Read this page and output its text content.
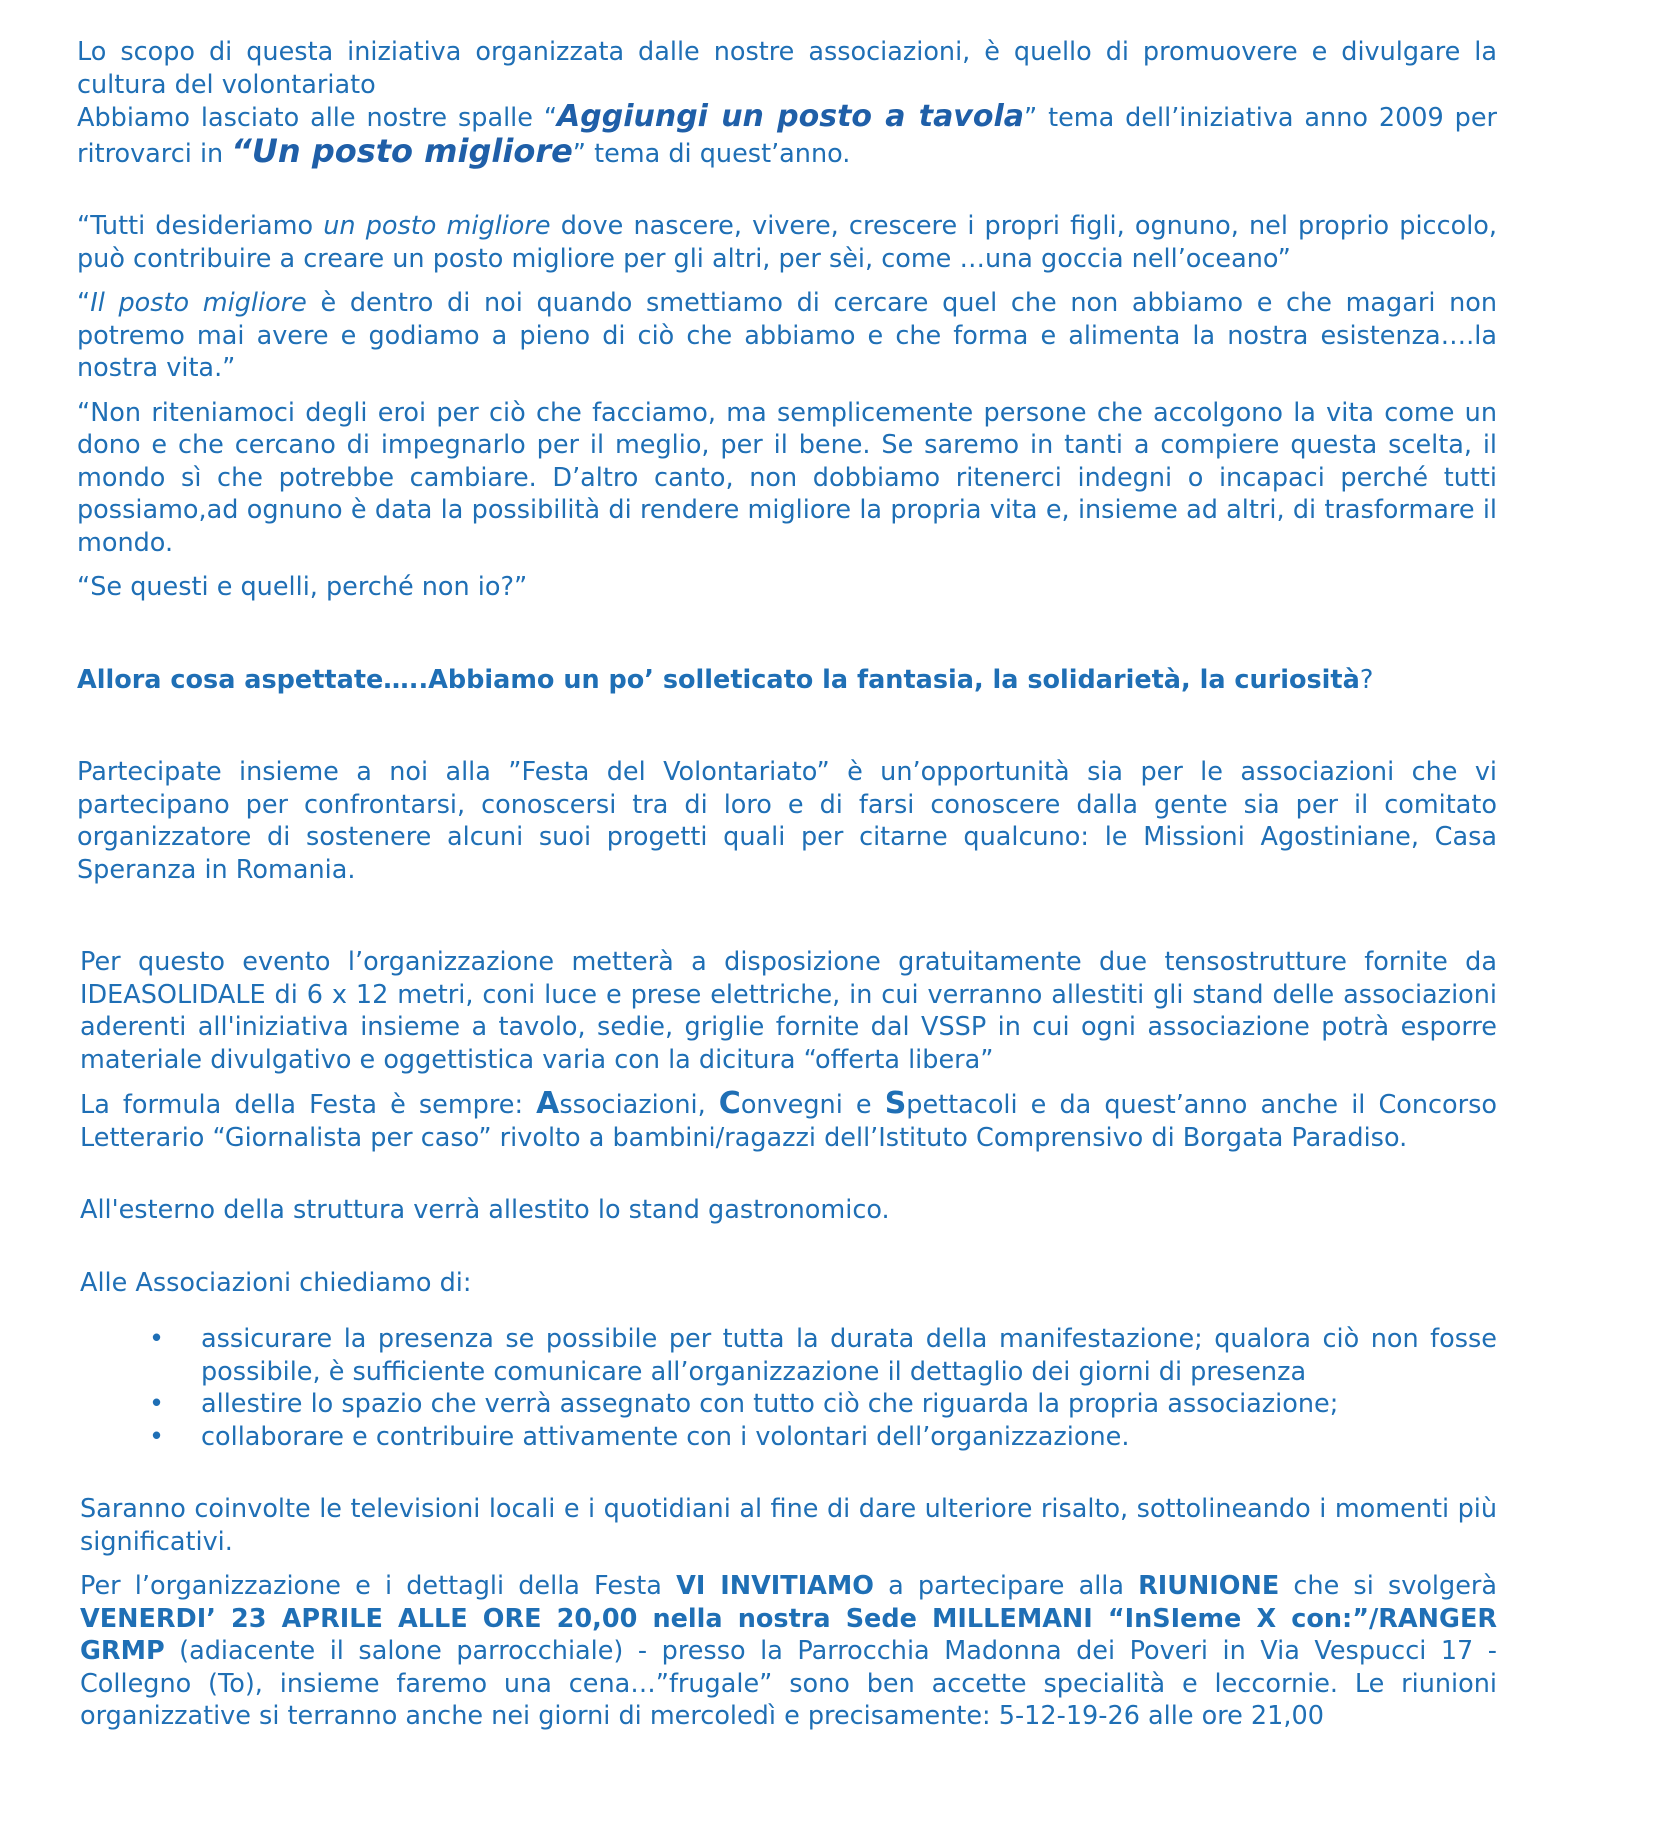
Lo scopo di questa iniziativa organizzata dalle nostre associazioni, è quello di promuovere e divulgare la cultura del volontariato

Abbiamo lasciato alle nostre spalle “Aggiungi un posto a tavola” tema dell’iniziativa anno 2009 per ritrovarci in “Un posto migliore” tema di quest’anno.

“Tutti desideriamo un posto migliore dove nascere, vivere, crescere i propri figli, ognuno, nel proprio piccolo, può contribuire a creare un posto migliore per gli altri, per sèi, come …una goccia nell’oceano”

“Il posto migliore è dentro di noi quando smettiamo di cercare quel che non abbiamo e che magari non potremo mai avere e godiamo a pieno di ciò che abbiamo e che forma e alimenta la nostra esistenza….la nostra vita.”

“Non riteniamoci degli eroi per ciò che facciamo, ma semplicemente persone che accolgono la vita come un dono e che cercano di impegnarlo per il meglio, per il bene. Se saremo in tanti a compiere questa scelta, il mondo sì che potrebbe cambiare. D’altro canto, non dobbiamo ritenerci indegni o incapaci perché tutti possiamo,ad ognuno è data la possibilità di rendere migliore la propria vita e, insieme ad altri, di trasformare il mondo.

“Se questi e quelli, perché non io?”

Allora cosa aspettate…..Abbiamo un po’ solleticato la fantasia, la solidarietà, la curiosità?

Partecipate insieme a noi alla ”Festa del Volontariato” è un’opportunità sia per le associazioni che vi partecipano per confrontarsi, conoscersi tra di loro e di farsi conoscere dalla gente sia per il comitato organizzatore di sostenere alcuni suoi progetti quali per citarne qualcuno: le Missioni Agostiniane, Casa Speranza in Romania.

Per questo evento l’organizzazione metterà a disposizione gratuitamente due tensostrutture fornite da IDEASOLIDALE di 6 x 12 metri, coni luce e prese elettriche, in cui verranno allestiti gli stand delle associazioni aderenti all'iniziativa insieme a tavolo, sedie, griglie fornite dal VSSP in cui ogni associazione potrà esporre materiale divulgativo e oggettistica varia con la dicitura “offerta libera”

La formula della Festa è sempre: Associazioni, Convegni e Spettacoli e da quest’anno anche il Concorso Letterario “Giornalista per caso” rivolto a bambini/ragazzi dell’Istituto Comprensivo di Borgata Paradiso.

All'esterno della struttura verrà allestito lo stand gastronomico.

Alle Associazioni chiediamo di:

• assicurare la presenza se possibile per tutta la durata della manifestazione; qualora ciò non fosse possibile, è sufficiente comunicare all’organizzazione il dettaglio dei giorni di presenza
• allestire lo spazio che verrà assegnato con tutto ciò che riguarda la propria associazione;
• collaborare e contribuire attivamente con i volontari dell’organizzazione.

Saranno coinvolte le televisioni locali e i quotidiani al fine di dare ulteriore risalto, sottolineando i momenti più significativi.

Per l’organizzazione e i dettagli della Festa VI INVITIAMO a partecipare alla RIUNIONE che si svolgerà VENERDI’ 23 APRILE ALLE ORE 20,00 nella nostra Sede MILLEMANI “InSIeme X con:”/RANGER GRMP (adiacente il salone parrocchiale) - presso la Parrocchia Madonna dei Poveri in Via Vespucci 17 - Collegno (To), insieme faremo una cena…”frugale” sono ben accette specialità e leccornie. Le riunioni organizzative si terranno anche nei giorni di mercoledì e precisamente: 5-12-19-26 alle ore 21,00
